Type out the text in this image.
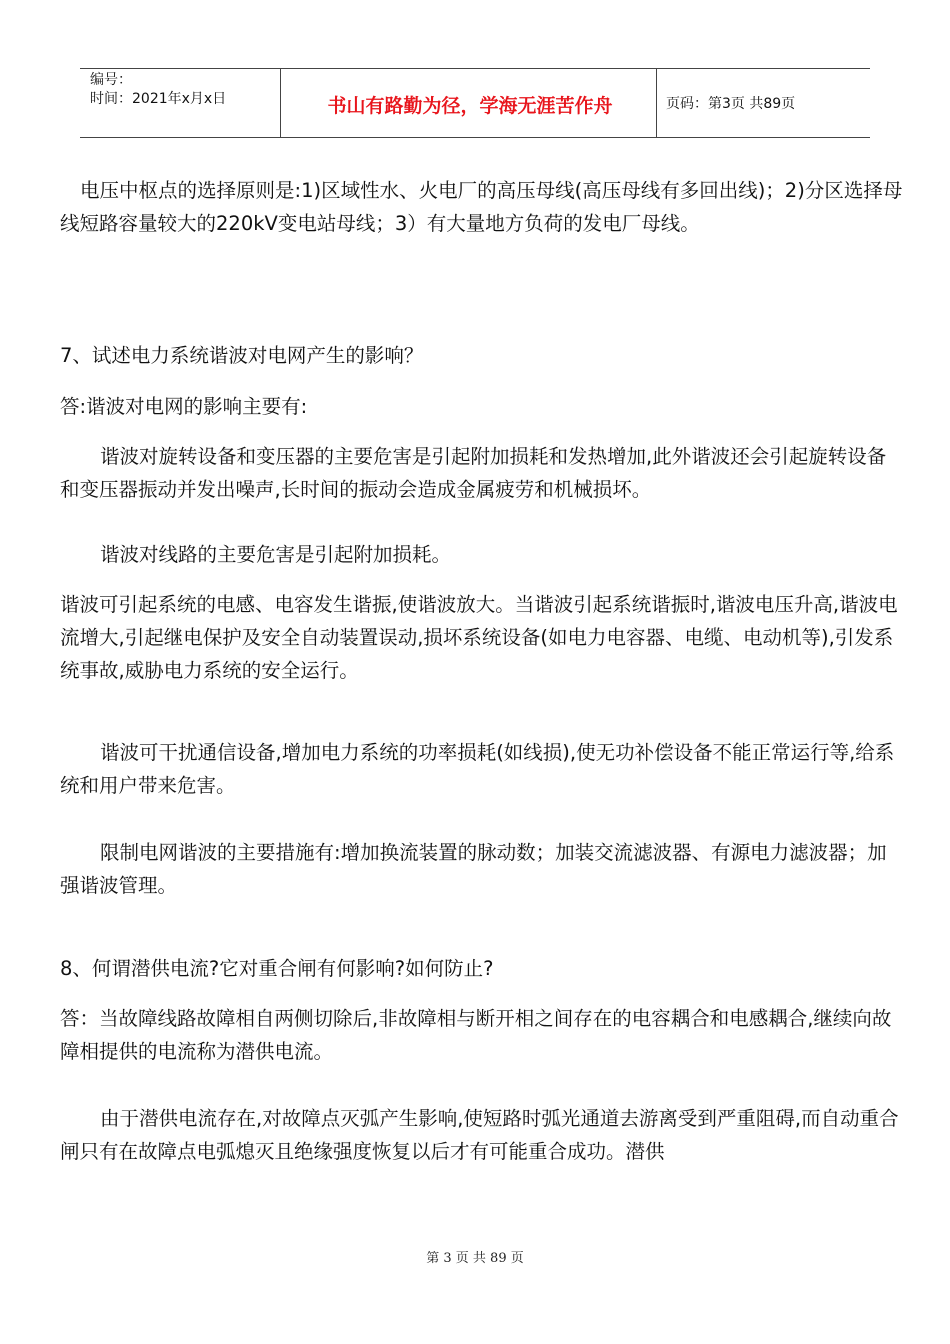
编号：
时间：2021年x月x日	书山有路勤为径，学海无涯苦作舟	页码：第3页 共89页

电压中枢点的选择原则是:1)区域性水、火电厂的高压母线(高压母线有多回出线)；2)分区选择母线短路容量较大的220kV变电站母线；3）有大量地方负荷的发电厂母线。

7、试述电力系统谐波对电网产生的影响？

答:谐波对电网的影响主要有:

谐波对旋转设备和变压器的主要危害是引起附加损耗和发热增加,此外谐波还会引起旋转设备和变压器振动并发出噪声,长时间的振动会造成金属疲劳和机械损坏。

谐波对线路的主要危害是引起附加损耗。

谐波可引起系统的电感、电容发生谐振,使谐波放大。当谐波引起系统谐振时,谐波电压升高,谐波电流增大,引起继电保护及安全自动装置误动,损坏系统设备(如电力电容器、电缆、电动机等),引发系统事故,威胁电力系统的安全运行。

谐波可干扰通信设备,增加电力系统的功率损耗(如线损),使无功补偿设备不能正常运行等,给系统和用户带来危害。

限制电网谐波的主要措施有:增加换流装置的脉动数；加装交流滤波器、有源电力滤波器；加强谐波管理。

8、何谓潜供电流?它对重合闸有何影响?如何防止?

答：当故障线路故障相自两侧切除后,非故障相与断开相之间存在的电容耦合和电感耦合,继续向故障相提供的电流称为潜供电流。

由于潜供电流存在,对故障点灭弧产生影响,使短路时弧光通道去游离受到严重阻碍,而自动重合闸只有在故障点电弧熄灭且绝缘强度恢复以后才有可能重合成功。潜供

第 3 页 共 89 页
